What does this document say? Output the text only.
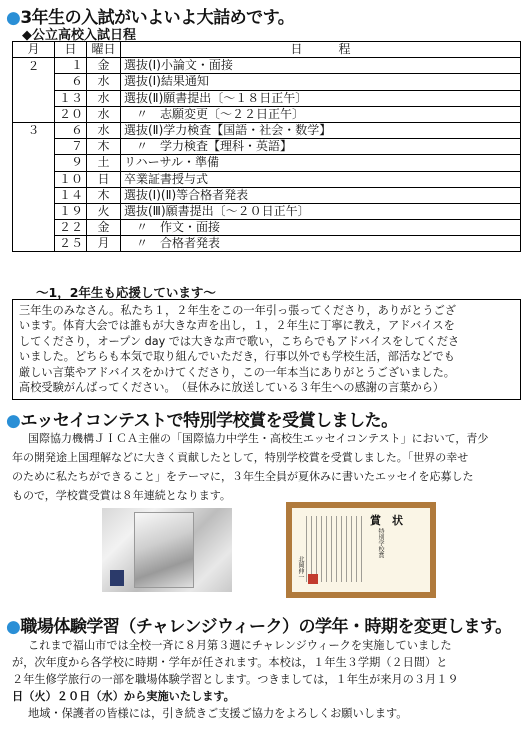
●3年生の入試がいよいよ大詰めです。
◆公立高校入試日程
月	日	曜日	日　　　程
２	１	金	選抜(Ⅰ)小論文・面接
	６	水	選抜(Ⅰ)結果通知
	１３	水	選抜(Ⅱ)願書提出〔～１８日正午〕
	２０	水	　〃　志願変更〔～２２日正午〕
３	６	水	選抜(Ⅱ)学力検査【国語・社会・数学】
	７	木	　〃　学力検査【理科・英語】
	９	土	リハーサル・準備
	１０	日	卒業証書授与式
	１４	木	選抜(Ⅰ)(Ⅱ)等合格者発表
	１９	火	選抜(Ⅲ)願書提出〔～２０日正午〕
	２２	金	　〃　作文・面接
	２５	月	　〃　合格者発表
～1，2年生も応援しています～
三年生のみなさん。私たち１，２年生をこの一年引っ張ってくださり，ありがとうござ
います。体育大会では誰もが大きな声を出し，１，２年生に丁寧に教え，アドバイスを
してくださり，オープン day では大きな声で歌い，こちらでもアドバイスをしてくださ
いました。どちらも本気で取り組んでいただき，行事以外でも学校生活，部活などでも
厳しい言葉やアドバイスをかけてくださり，この一年本当にありがとうございました。
高校受験がんばってください。　（昼休みに放送している３年生への感謝の言葉から）
●エッセイコンテストで特別学校賞を受賞しました。
国際協力機構ＪＩＣＡ主催の「国際協力中学生・高校生エッセイコンテスト」において，青少
年の開発途上国理解などに大きく貢献したとして，特別学校賞を受賞しました。「世界の幸せ
のために私たちができること」をテーマに，３年生全員が夏休みに書いたエッセイを応募した
もので，学校賞受賞は８年連続となります。
賞　状
特別学校賞
北岡伸一
●職場体験学習（チャレンジウィーク）の学年・時期を変更します。
これまで福山市では全校一斉に８月第３週にチャレンジウィークを実施していました
が，次年度から各学校に時期・学年が任されます。本校は，１年生３学期（２日間）と
２年生修学旅行の一部を職場体験学習とします。つきましては，１年生が来月の３月１９
日（火）２０日（水）から実施いたします。
地域・保護者の皆様には，引き続きご支援ご協力をよろしくお願いします。
